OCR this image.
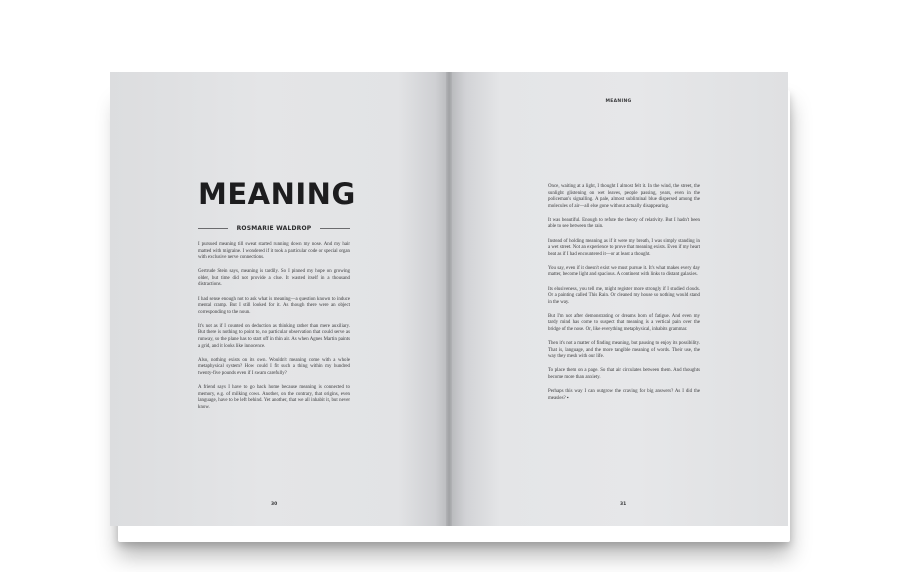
MEANING
ROSMARIE WALDROP

I pursued meaning till sweat started running down my nose. And my hair matted with migraine. I wondered if it took a particular code or special organ with exclusive nerve connections.

Gertrude Stein says, meaning is tardily. So I pinned my hope on growing older, but time did not provide a clue. It wasted itself in a thousand distractions.

I had sense enough not to ask what is meaning—a question known to induce mental cramp. But I still looked for it. As though there were an object corresponding to the noun.

It's not as if I counted on deduction as thinking rather than mere auxiliary. But there is nothing to point to, no particular observation that could serve as runway, so the plane has to start off in thin air. As when Agnes Martin paints a grid, and it looks like innocence.

Also, nothing exists on its own. Wouldn't meaning come with a whole metaphysical system? How could I fit such a thing within my hundred twenty-five pounds even if I swam carefully?

A friend says I have to go back home because meaning is connected to memory, e.g. of milking cows. Another, on the contrary, that origins, even language, have to be left behind. Yet another, that we all inhabit it, but never know.

30
MEANING

Once, waiting at a light, I thought I almost felt it. In the wind, the street, the sunlight glistening on wet leaves, people passing, years, even in the policeman's signalling. A pale, almost subliminal blue dispersed among the molecules of air—all else gone without actually disappearing.

It was beautiful. Enough to refute the theory of relativity. But I hadn't been able to see between the rain.

Instead of holding meaning as if it were my breath, I was simply standing in a wet street. Not an experience to prove that meaning exists. Even if my heart beat as if I had encountered it—or at least a thought.

You say, even if it doesn't exist we must pursue it. It's what makes every day matter, become light and spacious. A continent with links to distant galaxies.

Its elusiveness, you tell me, might register more strongly if I studied clouds. Or a painting called This Rain. Or cleaned my house so nothing would stand in the way.

But I'm not after demonstrating or dreams born of fatigue. And even my tardy mind has come to suspect that meaning is a vertical pain over the bridge of the nose. Or, like everything metaphysical, inhabits grammar.

Then it's not a matter of finding meaning, but pausing to enjoy its possibility. That is, language, and the more tangible meaning of words. Their use, the way they mesh with our life.

To place them on a page. So that air circulates between them. And thoughts become more than anxiety.

Perhaps this way I can outgrow the craving for big answers? As I did the measles? ▪

31
